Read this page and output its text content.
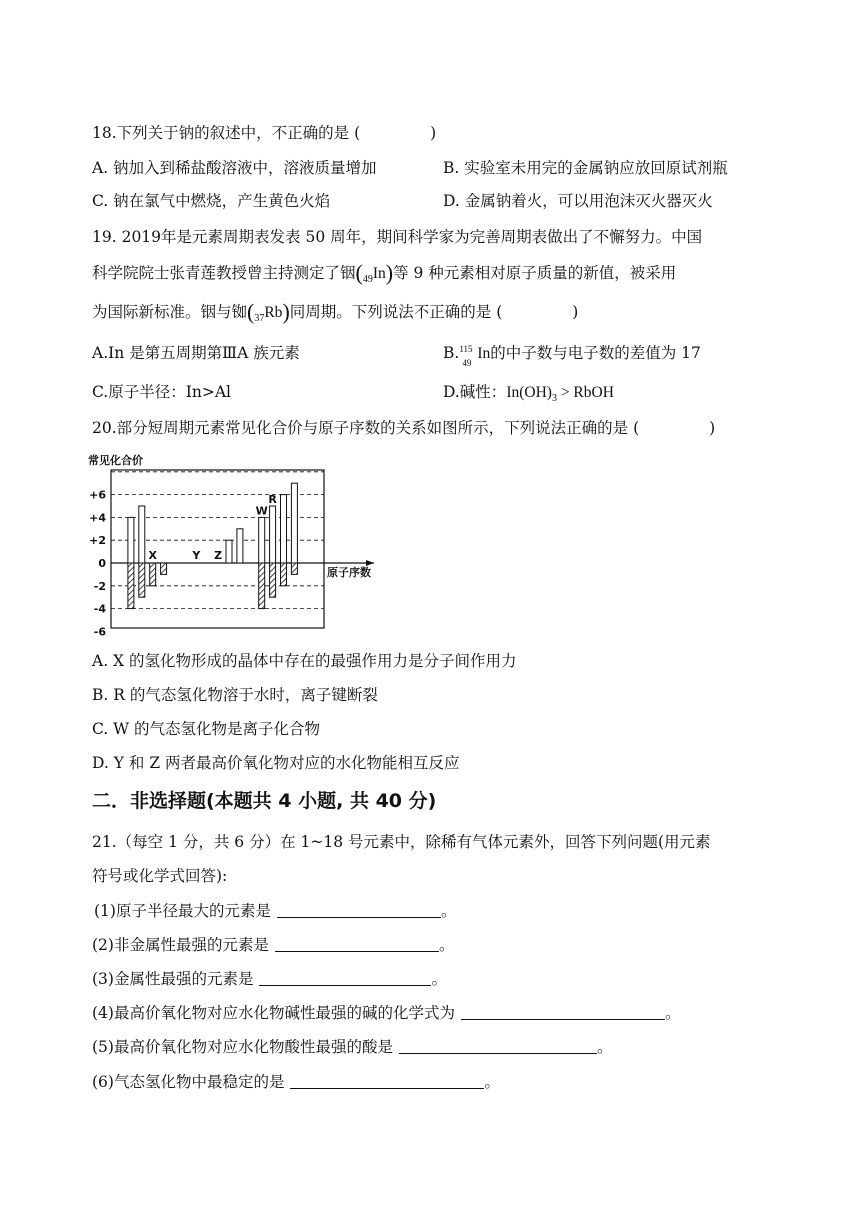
18.下列关于钠的叙述中，不正确的是 (	)
A. 钠加入到稀盐酸溶液中，溶液质量增加	B. 实验室未用完的金属钠应放回原试剂瓶
C. 钠在氯气中燃烧，产生黄色火焰	D. 金属钠着火，可以用泡沫灭火器灭火
19. 2019年是元素周期表发表 50 周年，期间科学家为完善周期表做出了不懈努力。中国
科学院院士张青莲教授曾主持测定了铟$(_{49}In)$等 9 种元素相对原子质量的新值，被采用
为国际新标准。铟与铷$(_{37}Rb)$同周期。下列说法不正确的是 (	)
A.In 是第五周期第ⅢA 族元素	B. 115
49
In的中子数与电子数的差值为 17
C.原子半径：In>Al	D.碱性：$In(OH)_3$ > RbOH
20.部分短周期元素常见化合价与原子序数的关系如图所示，下列说法正确的是 (	)
常见化合价
+6
+4
+2
0
-2
-4
-6
原子序数
X	Y Z
W
R
A. X 的氢化物形成的晶体中存在的最强作用力是分子间作用力
B. R 的气态氢化物溶于水时，离子键断裂
C. W 的气态氢化物是离子化合物
D. Y 和 Z 两者最高价氧化物对应的水化物能相互反应
二．非选择题(本题共 4 小题, 共 40 分)
21.（每空 1 分，共 6 分）在 1~18 号元素中，除稀有气体元素外，回答下列问题(用元素
符号或化学式回答):
(1)原子半径最大的元素是	。
(2)非金属性最强的元素是	。
(3)金属性最强的元素是	。
(4)最高价氧化物对应水化物碱性最强的碱的化学式为	。
(5)最高价氧化物对应水化物酸性最强的酸是	。
(6)气态氢化物中最稳定的是	。
